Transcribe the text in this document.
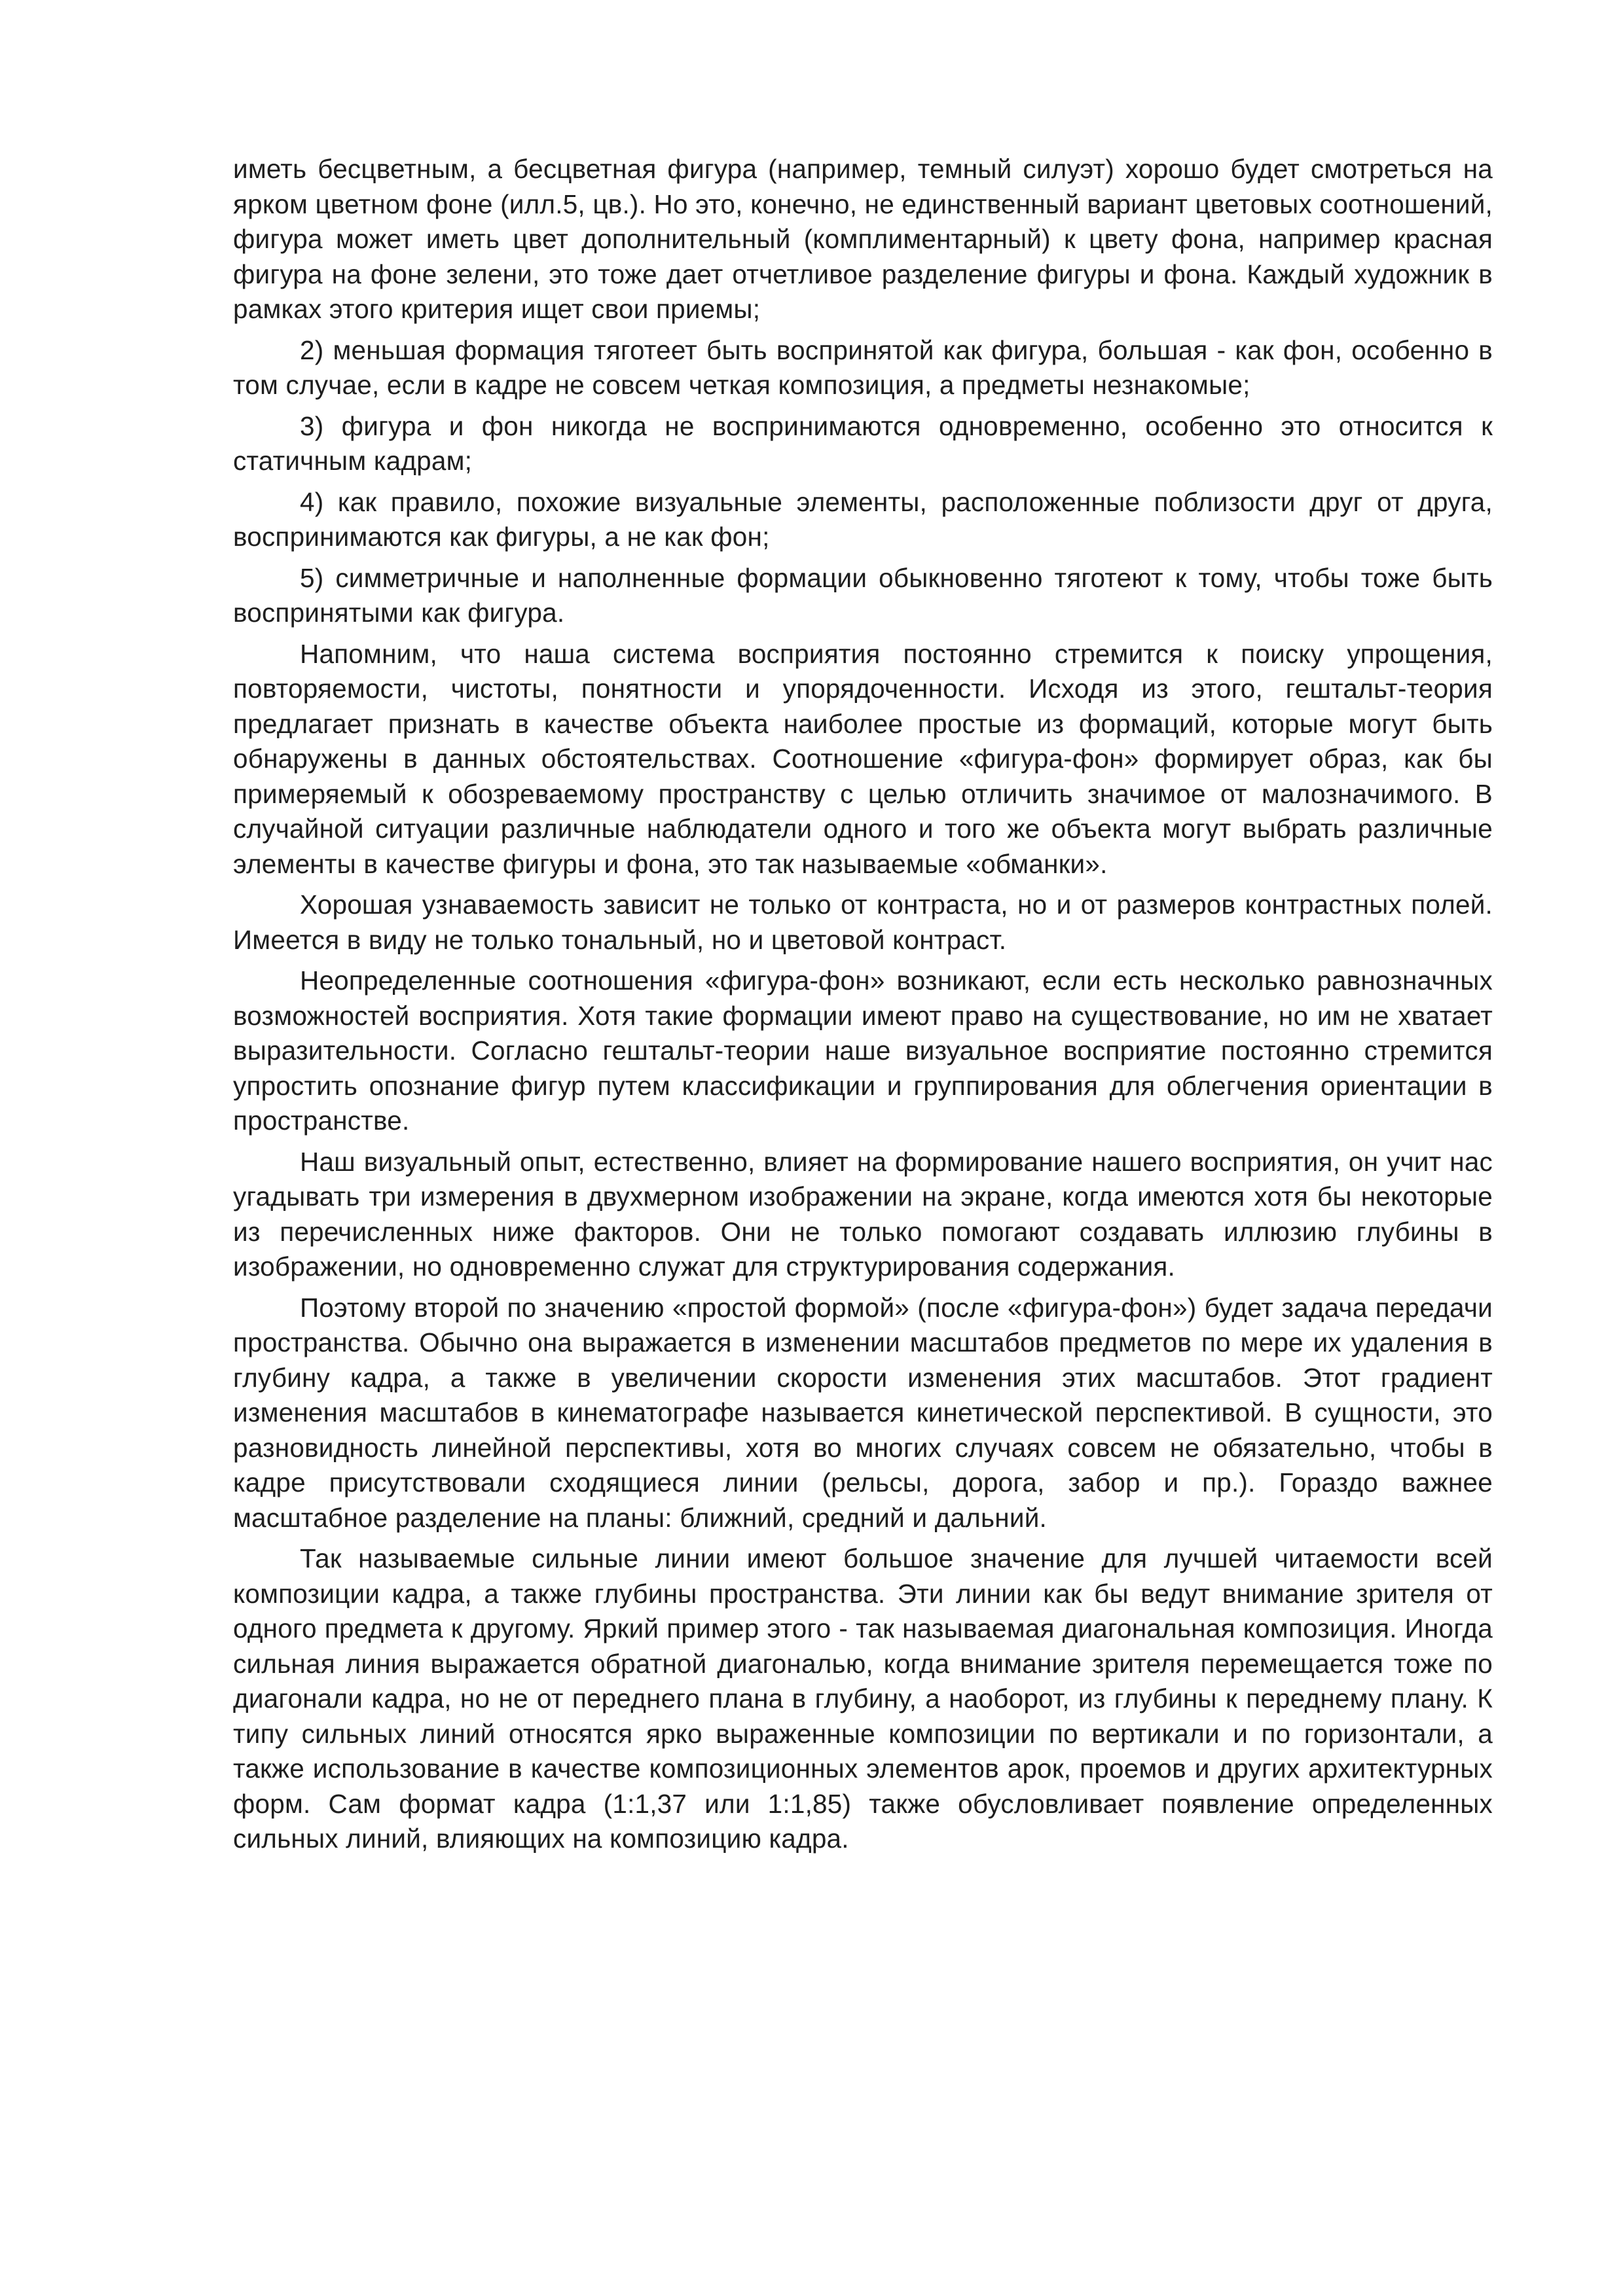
иметь бесцветным, а бесцветная фигура (например, темный силуэт) хорошо будет смотреться на ярком цветном фоне (илл.5, цв.). Но это, конечно, не единственный вариант цветовых соотношений, фигура может иметь цвет дополнительный (комплиментарный) к цвету фона, например красная фигура на фоне зелени, это тоже дает отчетливое разделение фигуры и фона. Каждый художник в рамках этого критерия ищет свои приемы;

2) меньшая формация тяготеет быть воспринятой как фигура, большая - как фон, особенно в том случае, если в кадре не совсем четкая композиция, а предметы незнакомые;

3) фигура и фон никогда не воспринимаются одновременно, особенно это относится к статичным кадрам;

4) как правило, похожие визуальные элементы, расположенные поблизости друг от друга, воспринимаются как фигуры, а не как фон;

5) симметричные и наполненные формации обыкновенно тяготеют к тому, чтобы тоже быть воспринятыми как фигура.

Напомним, что наша система восприятия постоянно стремится к поиску упрощения, повторяемости, чистоты, понятности и упорядоченности. Исходя из этого, гештальт-теория предлагает признать в качестве объекта наиболее простые из формаций, которые могут быть обнаружены в данных обстоятельствах. Соотношение «фигура-фон» формирует образ, как бы примеряемый к обозреваемому пространству с целью отличить значимое от малозначимого. В случайной ситуации различные наблюдатели одного и того же объекта могут выбрать различные элементы в качестве фигуры и фона, это так называемые «обманки».

Хорошая узнаваемость зависит не только от контраста, но и от размеров контрастных полей. Имеется в виду не только тональный, но и цветовой контраст.

Неопределенные соотношения «фигура-фон» возникают, если есть несколько равнозначных возможностей восприятия. Хотя такие формации имеют право на существование, но им не хватает выразительности. Согласно гештальт-теории наше визуальное восприятие постоянно стремится упростить опознание фигур путем классификации и группирования для облегчения ориентации в пространстве.

Наш визуальный опыт, естественно, влияет на формирование нашего восприятия, он учит нас угадывать три измерения в двухмерном изображении на экране, когда имеются хотя бы некоторые из перечисленных ниже факторов. Они не только помогают создавать иллюзию глубины в изображении, но одновременно служат для структурирования содержания.

Поэтому второй по значению «простой формой» (после «фигура-фон») будет задача передачи пространства. Обычно она выражается в изменении масштабов предметов по мере их удаления в глубину кадра, а также в увеличении скорости изменения этих масштабов. Этот градиент изменения масштабов в кинематографе называется кинетической перспективой. В сущности, это разновидность линейной перспективы, хотя во многих случаях совсем не обязательно, чтобы в кадре присутствовали сходящиеся линии (рельсы, дорога, забор и пр.). Гораздо важнее масштабное разделение на планы: ближний, средний и дальний.

Так называемые сильные линии имеют большое значение для лучшей читаемости всей композиции кадра, а также глубины пространства. Эти линии как бы ведут внимание зрителя от одного предмета к другому. Яркий пример этого - так называемая диагональная композиция. Иногда сильная линия выражается обратной диагональю, когда внимание зрителя перемещается тоже по диагонали кадра, но не от переднего плана в глубину, а наоборот, из глубины к переднему плану. К типу сильных линий относятся ярко выраженные композиции по вертикали и по горизонтали, а также использование в качестве композиционных элементов арок, проемов и других архитектурных форм. Сам формат кадра (1:1,37 или 1:1,85) также обусловливает появление определенных сильных линий, влияющих на композицию кадра.
